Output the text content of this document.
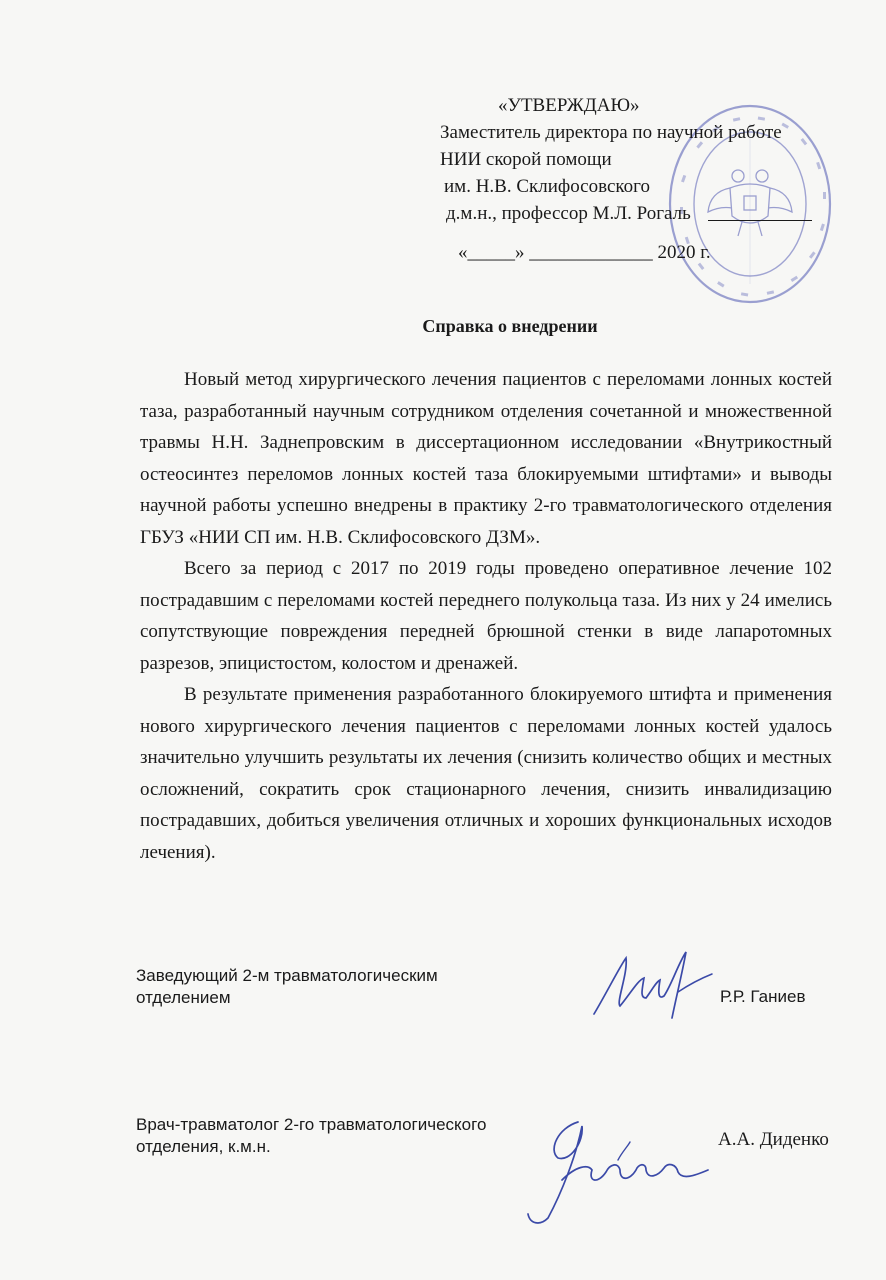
«УТВЕРЖДАЮ»
Заместитель директора по научной работе
НИИ скорой помощи
им. Н.В. Склифосовского
д.м.н., профессор М.Л. Рогаль
«_____» _____________ 2020 г.
Справка о внедрении

Новый метод хирургического лечения пациентов с переломами лонных костей таза, разработанный научным сотрудником отделения сочетанной и множественной травмы Н.Н. Заднепровским в диссертационном исследовании «Внутрикостный остеосинтез переломов лонных костей таза блокируемыми штифтами» и выводы научной работы успешно внедрены в практику 2-го травматологического отделения ГБУЗ «НИИ СП им. Н.В. Склифосовского ДЗМ».

Всего за период с 2017 по 2019 годы проведено оперативное лечение 102 пострадавшим с переломами костей переднего полукольца таза. Из них у 24 имелись сопутствующие повреждения передней брюшной стенки в виде лапаротомных разрезов, эпицистостом, колостом и дренажей.

В результате применения разработанного блокируемого штифта и применения нового хирургического лечения пациентов с переломами лонных костей удалось значительно улучшить результаты их лечения (снизить количество общих и местных осложнений, сократить срок стационарного лечения, снизить инвалидизацию пострадавших, добиться увеличения отличных и хороших функциональных исходов лечения).

Заведующий 2-м травматологическим
отделением	Р.Р. Ганиев
Врач-травматолог 2-го травматологического
отделения, к.м.н.	А.А. Диденко
